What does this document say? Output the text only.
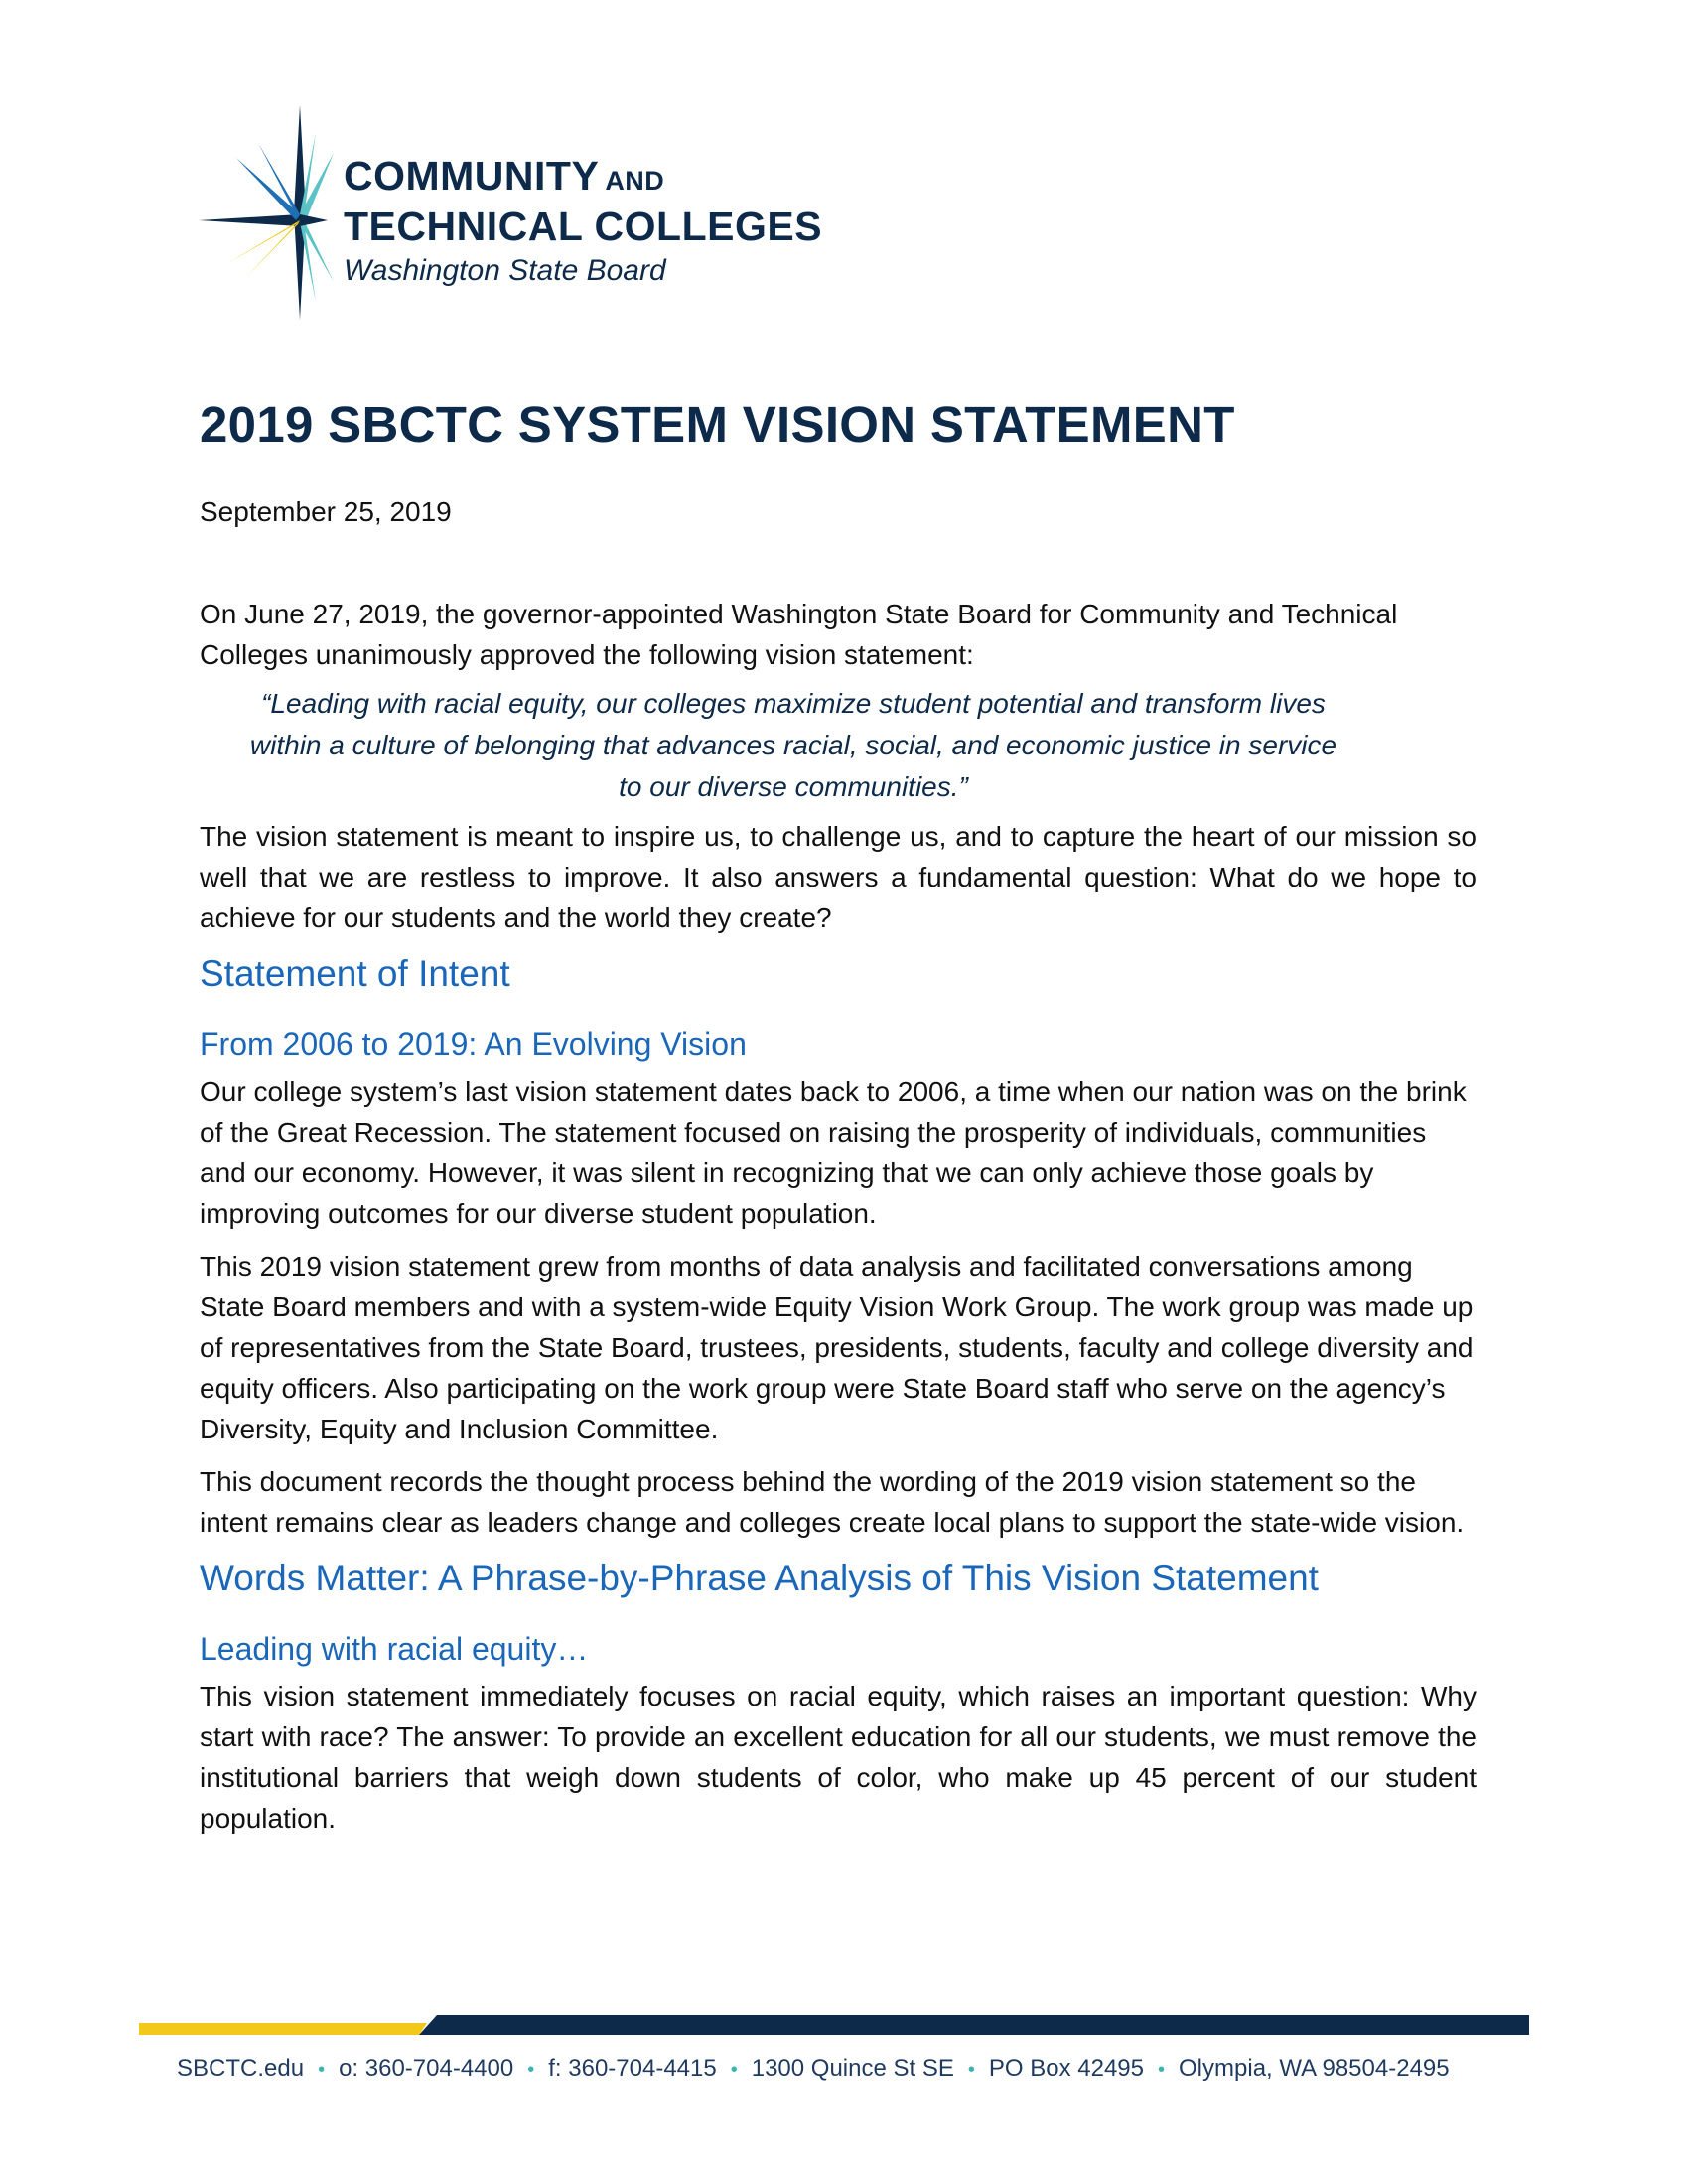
COMMUNITY AND
TECHNICAL COLLEGES
Washington State Board
2019 SBCTC SYSTEM VISION STATEMENT

September 25, 2019

On June 27, 2019, the governor-appointed Washington State Board for Community and Technical Colleges unanimously approved the following vision statement:

“Leading with racial equity, our colleges maximize student potential and transform lives
within a culture of belonging that advances racial, social, and economic justice in service
to our diverse communities.”

The vision statement is meant to inspire us, to challenge us, and to capture the heart of our mission so well that we are restless to improve. It also answers a fundamental question: What do we hope to achieve for our students and the world they create?

Statement of Intent
From 2006 to 2019: An Evolving Vision

Our college system’s last vision statement dates back to 2006, a time when our nation was on the brink of the Great Recession. The statement focused on raising the prosperity of individuals, communities and our economy. However, it was silent in recognizing that we can only achieve those goals by improving outcomes for our diverse student population.

This 2019 vision statement grew from months of data analysis and facilitated conversations among State Board members and with a system-wide Equity Vision Work Group. The work group was made up of representatives from the State Board, trustees, presidents, students, faculty and college diversity and equity officers. Also participating on the work group were State Board staff who serve on the agency’s Diversity, Equity and Inclusion Committee.

This document records the thought process behind the wording of the 2019 vision statement so the intent remains clear as leaders change and colleges create local plans to support the state-wide vision.

Words Matter: A Phrase-by-Phrase Analysis of This Vision Statement
Leading with racial equity…

This vision statement immediately focuses on racial equity, which raises an important question: Why start with race? The answer: To provide an excellent education for all our students, we must remove the institutional barriers that weigh down students of color, who make up 45 percent of our student population.

SBCTC.edu • o: 360-704-4400 • f: 360-704-4415 • 1300 Quince St SE • PO Box 42495 • Olympia, WA 98504-2495
